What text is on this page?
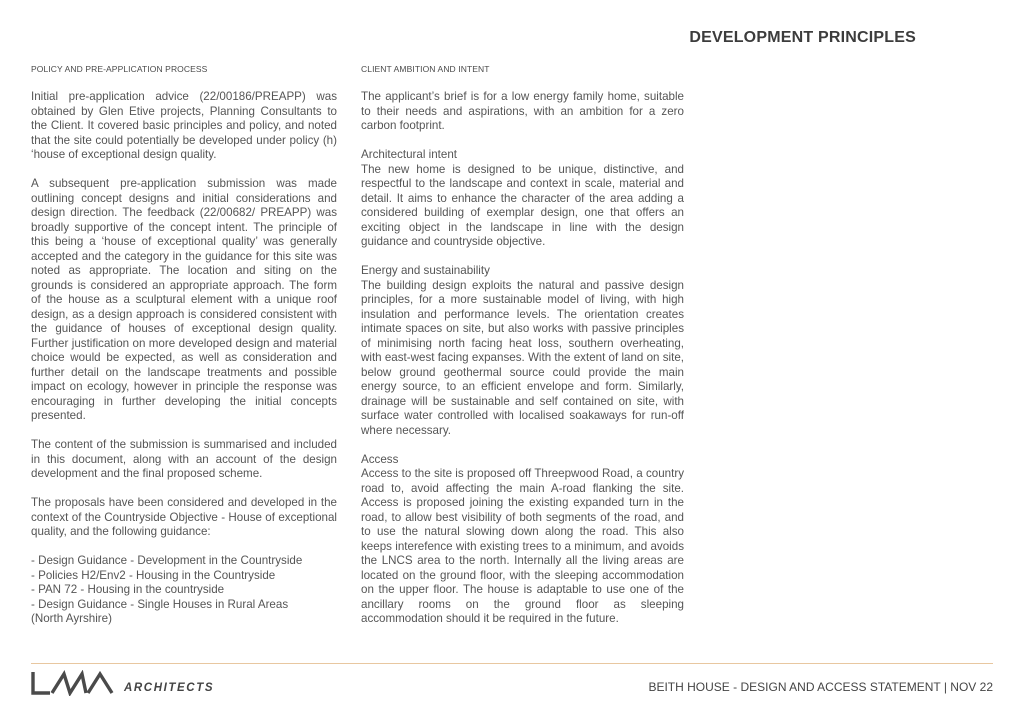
DEVELOPMENT PRINCIPLES
POLICY AND PRE-APPLICATION PROCESS

Initial pre-application advice (22/00186/PREAPP) was obtained by Glen Etive projects, Planning Consultants to the Client. It covered basic principles and policy, and noted that the site could potentially be developed under policy (h) ‘house of exceptional design quality.

A subsequent pre-application submission was made outlining concept designs and initial considerations and design direction. The feedback (22/00682/ PREAPP) was broadly supportive of the concept intent. The principle of this being a ‘house of exceptional quality’ was generally accepted and the category in the guidance for this site was noted as appropriate. The location and siting on the grounds is considered an appropriate approach. The form of the house as a sculptural element with a unique roof design, as a design approach is considered consistent with the guidance of houses of exceptional design quality. Further justification on more developed design and material choice would be expected, as well as consideration and further detail on the landscape treatments and possible impact on ecology, however in principle the response was encouraging in further developing the initial concepts presented.

The content of the submission is summarised and included in this document, along with an account of the design development and the final proposed scheme.

The proposals have been considered and developed in the context of the Countryside Objective - House of exceptional quality, and the following guidance:

- Design Guidance - Development in the Countryside

- Policies H2/Env2 - Housing in the Countryside

- PAN 72 - Housing in the countryside

- Design Guidance - Single Houses in Rural Areas

(North Ayrshire)

CLIENT AMBITION AND INTENT

The applicant’s brief is for a low energy family home, suitable to their needs and aspirations, with an ambition for a zero carbon footprint.

Architectural intent

The new home is designed to be unique, distinctive, and respectful to the landscape and context in scale, material and detail. It aims to enhance the character of the area adding a considered building of exemplar design, one that offers an exciting object in the landscape in line with the design guidance and countryside objective.

Energy and sustainability

The building design exploits the natural and passive design principles, for a more sustainable model of living, with high insulation and performance levels. The orientation creates intimate spaces on site, but also works with passive principles of minimising north facing heat loss, southern overheating, with east-west facing expanses. With the extent of land on site, below ground geothermal source could provide the main energy source, to an efficient envelope and form. Similarly, drainage will be sustainable and self contained on site, with surface water controlled with localised soakaways for run-off where necessary.

Access

Access to the site is proposed off Threepwood Road, a country road to, avoid affecting the main A-road flanking the site. Access is proposed joining the existing expanded turn in the road, to allow best visibility of both segments of the road, and to use the natural slowing down along the road. This also keeps interefence with existing trees to a minimum, and avoids the LNCS area to the north. Internally all the living areas are located on the ground floor, with the sleeping accommodation on the upper floor. The house is adaptable to use one of the ancillary rooms on the ground floor as sleeping accommodation should it be required in the future.

ARCHITECTS	BEITH HOUSE - DESIGN AND ACCESS STATEMENT | NOV 22
